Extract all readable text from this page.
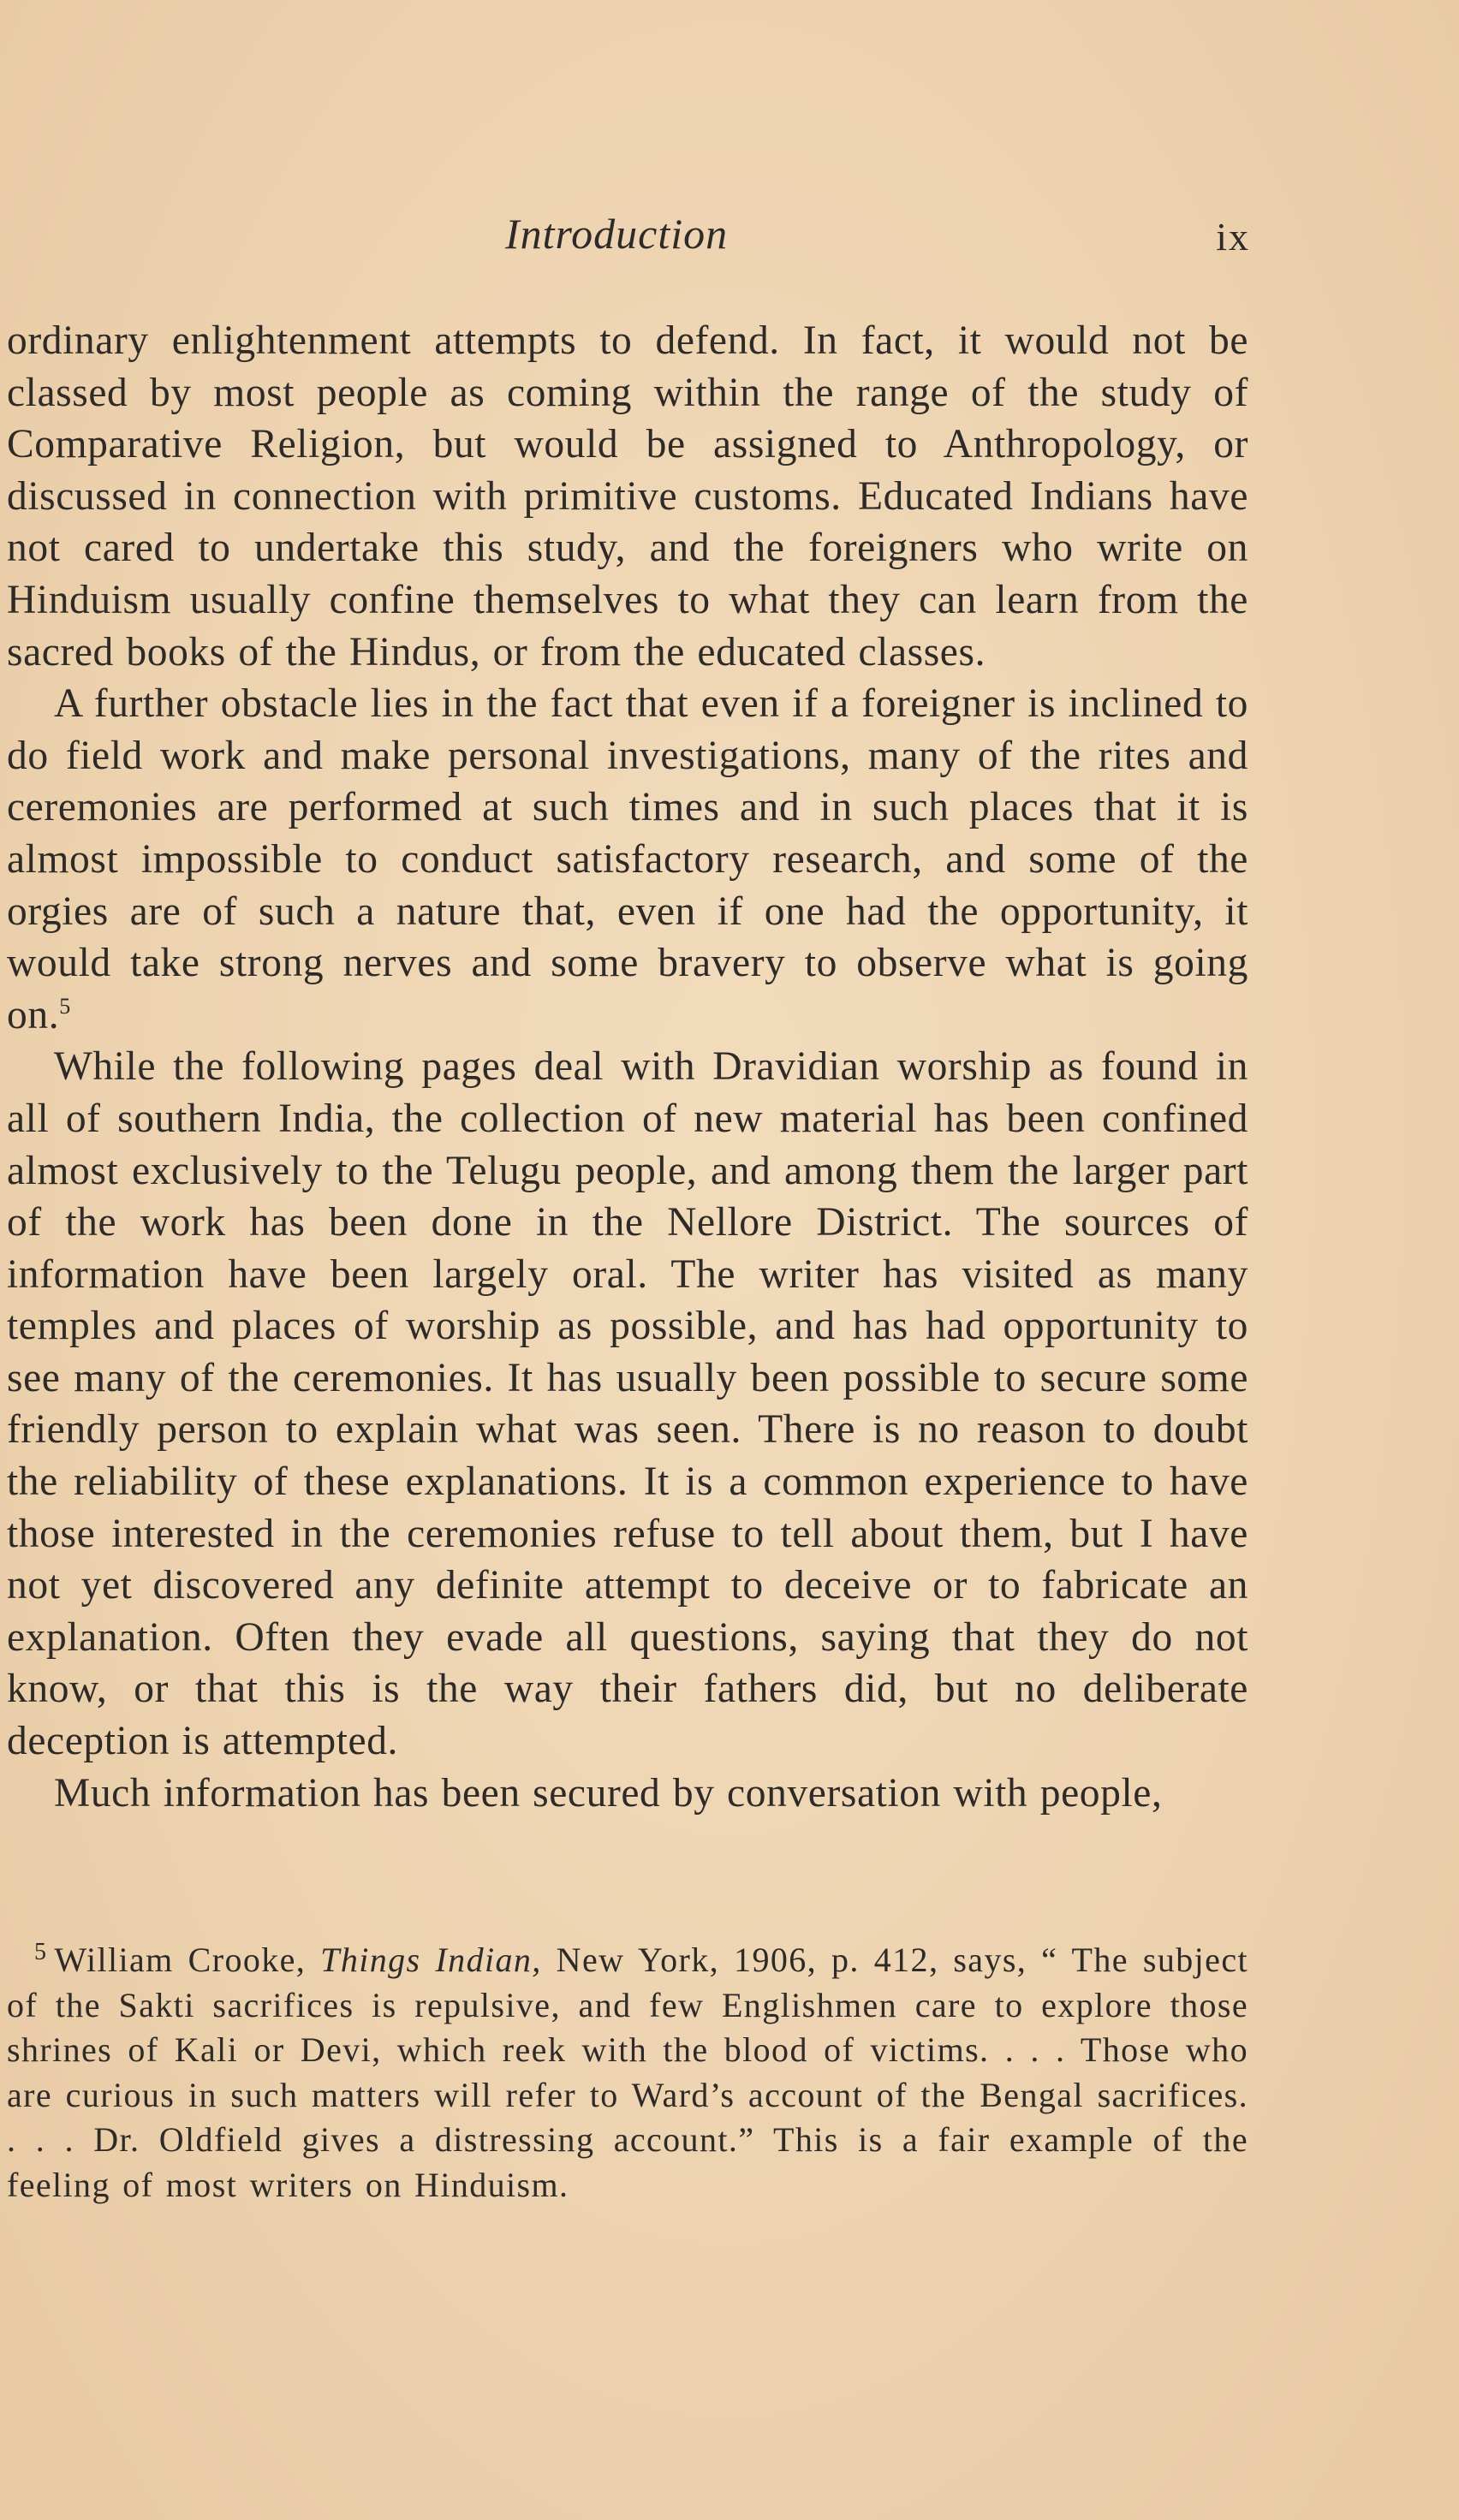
Introduction	ix

ordinary enlightenment attempts to defend. In fact, it would not be classed by most people as coming within the range of the study of Comparative Religion, but would be assigned to Anthropology, or discussed in connection with primitive customs. Educated Indians have not cared to undertake this study, and the foreigners who write on Hinduism usually confine themselves to what they can learn from the sacred books of the Hindus, or from the educated classes.

A further obstacle lies in the fact that even if a foreigner is inclined to do field work and make personal investigations, many of the rites and ceremonies are performed at such times and in such places that it is almost impossible to conduct satisfactory research, and some of the orgies are of such a nature that, even if one had the opportunity, it would take strong nerves and some bravery to observe what is going on.$^5$

While the following pages deal with Dravidian worship as found in all of southern India, the collection of new material has been confined almost exclusively to the Telugu people, and among them the larger part of the work has been done in the Nellore District. The sources of information have been largely oral. The writer has visited as many temples and places of worship as possible, and has had opportunity to see many of the ceremonies. It has usually been possible to secure some friendly person to explain what was seen. There is no reason to doubt the reliability of these explanations. It is a common experience to have those interested in the ceremonies refuse to tell about them, but I have not yet discovered any definite attempt to deceive or to fabricate an explanation. Often they evade all questions, saying that they do not know, or that this is the way their fathers did, but no deliberate deception is attempted.

Much information has been secured by conversation with people,

$^5$ William Crooke, Things Indian, New York, 1906, p. 412, says, “ The subject of the Sakti sacrifices is repulsive, and few Englishmen care to explore those shrines of Kali or Devi, which reek with the blood of victims. . . . Those who are curious in such matters will refer to Ward’s account of the Bengal sacrifices. . . . Dr. Oldfield gives a distressing account.” This is a fair example of the feeling of most writers on Hinduism.
